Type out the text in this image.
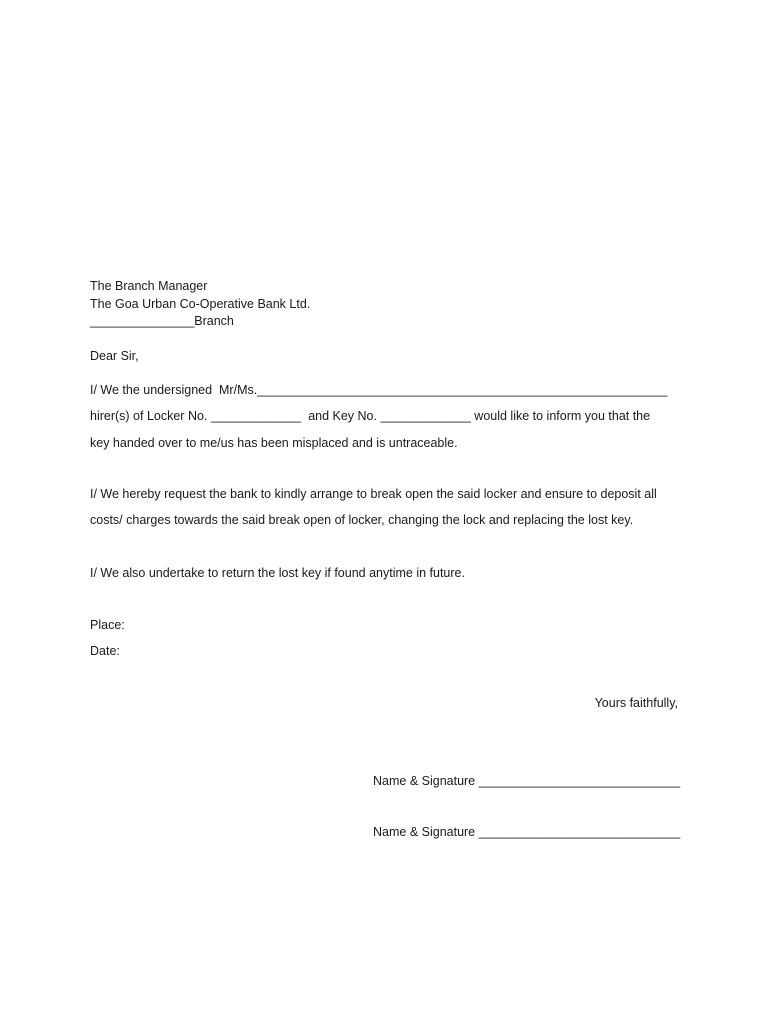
The Branch Manager
The Goa Urban Co-Operative Bank Ltd.
_______________Branch
Dear Sir,
I/ We the undersigned  Mr/Ms.___________________________________________________________
hirer(s) of Locker No. _____________  and Key No. _____________ would like to inform you that the
key handed over to me/us has been misplaced and is untraceable.
I/ We hereby request the bank to kindly arrange to break open the said locker and ensure to deposit all
costs/ charges towards the said break open of locker, changing the lock and replacing the lost key.
I/ We also undertake to return the lost key if found anytime in future.
Place:
Date:
Yours faithfully,
Name & Signature _____________________________
Name & Signature _____________________________
